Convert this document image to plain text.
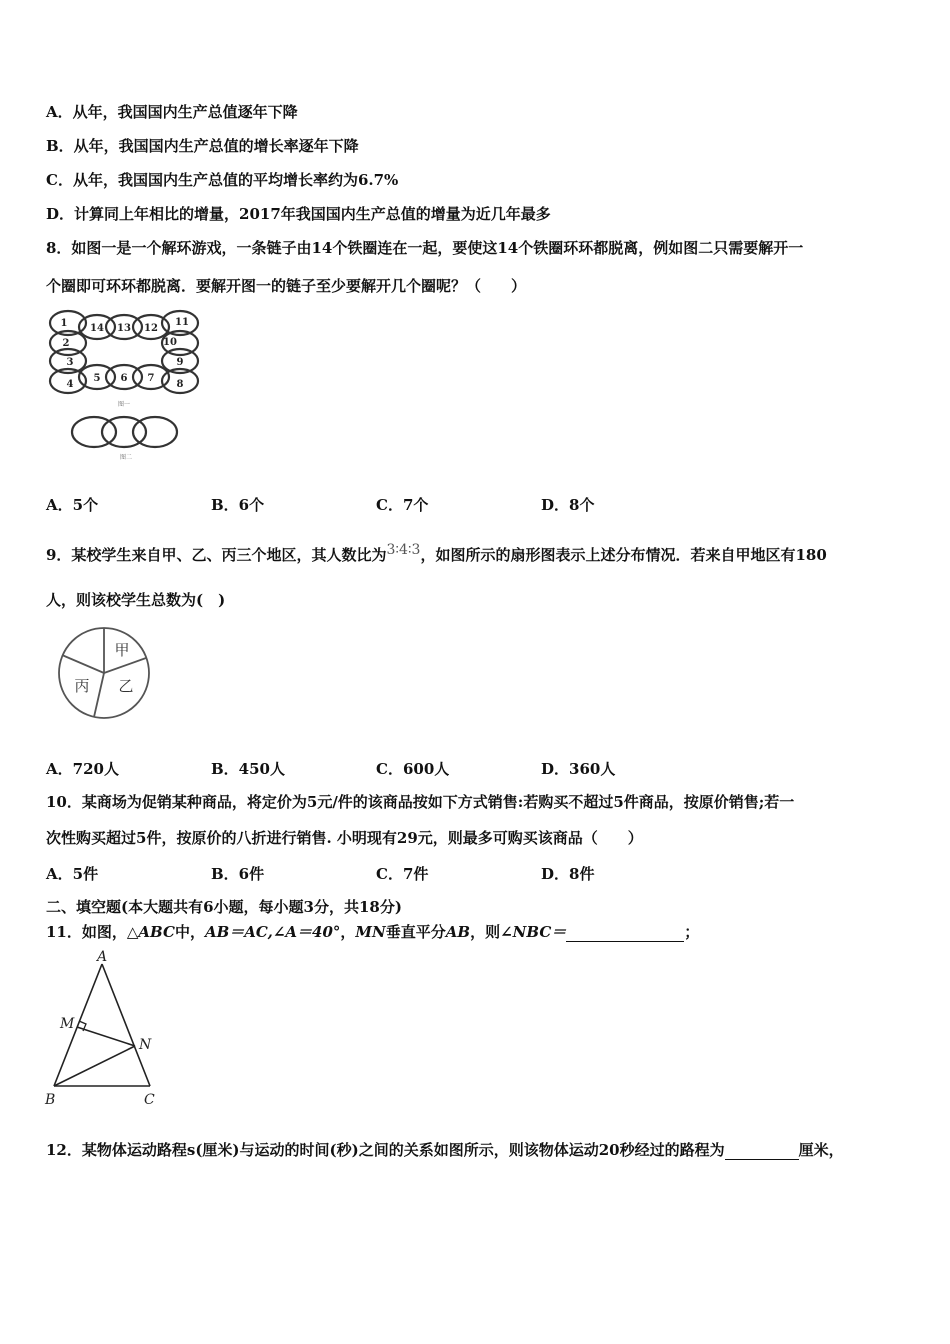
A．从年，我国国内生产总值逐年下降
B．从年，我国国内生产总值的增长率逐年下降
C．从年，我国国内生产总值的平均增长率约为6.7%
D．计算同上年相比的增量，2017年我国国内生产总值的增量为近几年最多
8．如图一是一个解环游戏，一条链子由14个铁圈连在一起，要使这14个铁圈环环都脱离，例如图二只需要解开一
个圈即可环环都脱离．要解开图一的链子至少要解开几个圈呢？（　　）
1 14 13 12
11
2	10
3	9
4
5 6 7
8
图一
图二
A．5个	B．6个	C．7个	D．8个
9．某校学生来自甲、乙、丙三个地区，其人数比为3∶4∶3，如图所示的扇形图表示上述分布情况．若来自甲地区有180
人，则该校学生总数为(　)
甲
丙 乙
A．720人	B．450人	C．600人	D．360人
10．某商场为促销某种商品，将定价为5元/件的该商品按如下方式销售:若购买不超过5件商品，按原价销售;若一
次性购买超过5件，按原价的八折进行销售. 小明现有29元，则最多可购买该商品（　　）
A．5件	B．6件	C．7件	D．8件
二、填空题(本大题共有6小题，每小题3分，共18分)
11．如图，△ABC中，AB＝AC,∠A＝40°，MN垂直平分AB，则∠NBC＝	；
A
M
N
B	C
12．某物体运动路程s(厘米)与运动的时间(秒)之间的关系如图所示，则该物体运动20秒经过的路程为	厘米，
